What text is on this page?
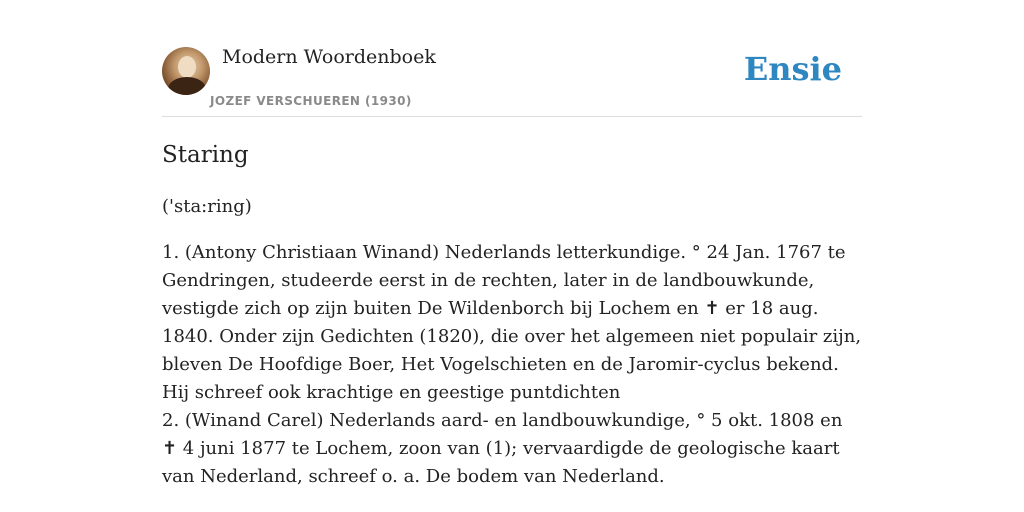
Modern Woordenboek
JOZEF VERSCHUEREN (1930)
Ensie
Staring

('sta:ring)

1. (Antony Christiaan Winand) Nederlands letterkundige. ° 24 Jan. 1767 te Gendringen, studeerde eerst in de rechten, later in de landbouwkunde, vestigde zich op zijn buiten De Wildenborch bij Lochem en ✝ er 18 aug. 1840. Onder zijn Gedichten (1820), die over het algemeen niet populair zijn, bleven De Hoofdige Boer, Het Vogelschieten en de Jaromir-cyclus bekend. Hij schreef ook krachtige en geestige puntdichten
2. (Winand Carel) Nederlands aard- en landbouwkundige, ° 5 okt. 1808 en ✝ 4 juni 1877 te Lochem, zoon van (1); vervaardigde de geologische kaart van Nederland, schreef o. a. De bodem van Nederland.
